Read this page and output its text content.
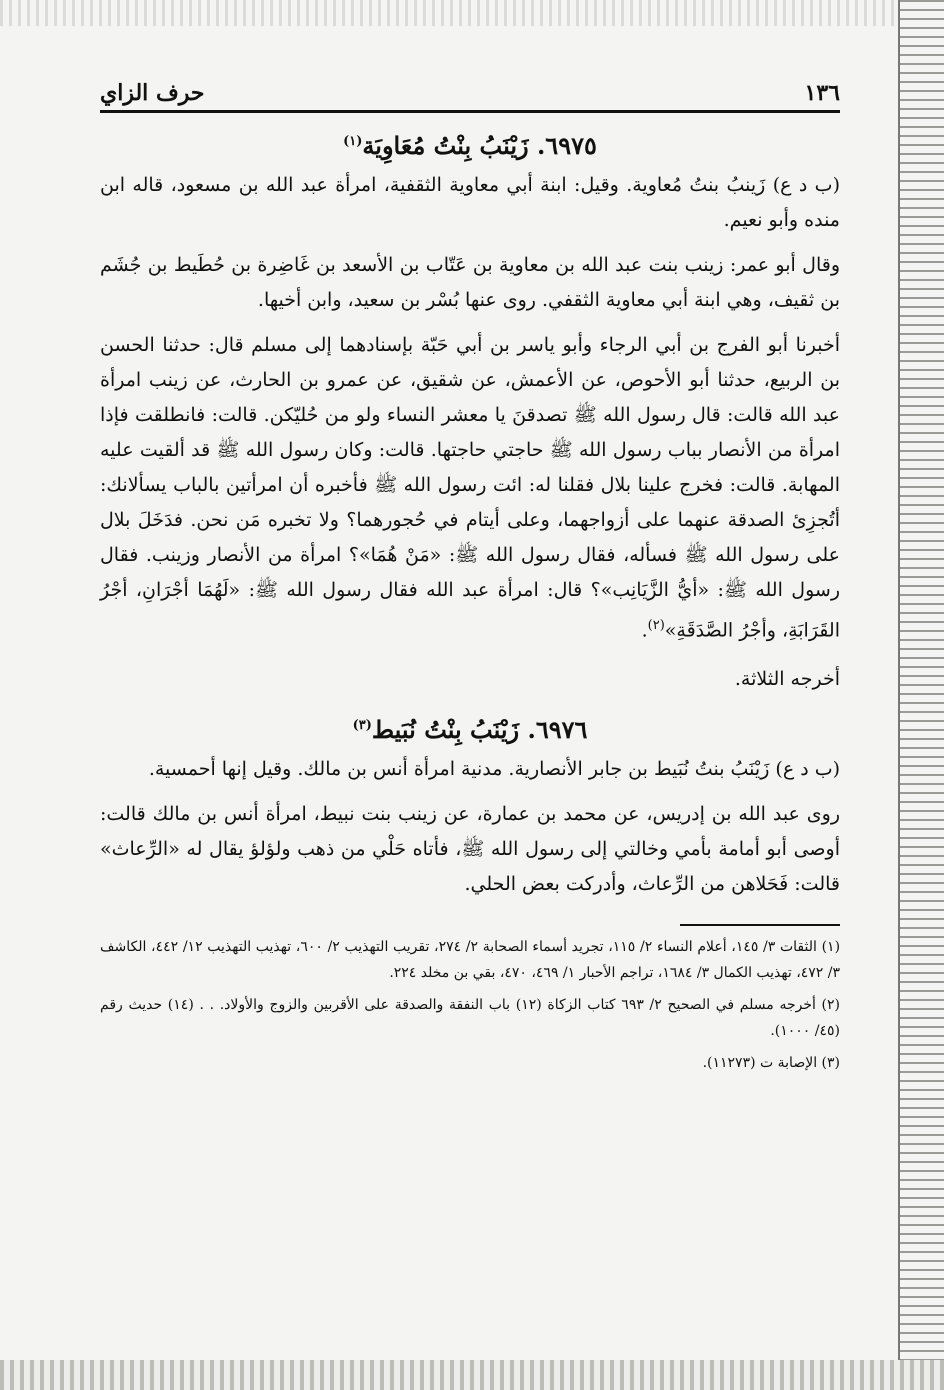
١٣٦
حرف الزاي
٦٩٧٥. زَيْنَبُ بِنْتُ مُعَاوِيَة$^{(١)}$

(ب د ع) زَينبُ بنتُ مُعاوية. وقيل: ابنة أبي معاوية الثقفية، امرأة عبد الله بن مسعود، قاله ابن منده وأبو نعيم.

وقال أبو عمر: زينب بنت عبد الله بن معاوية بن عَتّاب بن الأسعد بن غَاضِرة بن حُطَيط بن جُشَم بن ثقيف، وهي ابنة أبي معاوية الثقفي. روى عنها بُسْر بن سعيد، وابن أخيها.

أخبرنا أبو الفرج بن أبي الرجاء وأبو ياسر بن أبي حَبّة بإسنادهما إلى مسلم قال: حدثنا الحسن بن الربيع، حدثنا أبو الأحوص، عن الأعمش، عن شقيق، عن عمرو بن الحارث، عن زينب امرأة عبد الله قالت: قال رسول الله ﷺ تصدقنَ يا معشر النساء ولو من حُليّكن. قالت: فانطلقت فإذا امرأة من الأنصار بباب رسول الله ﷺ حاجتي حاجتها. قالت: وكان رسول الله ﷺ قد ألقيت عليه المهابة. قالت: فخرج علينا بلال فقلنا له: ائت رسول الله ﷺ فأخبره أن امرأتين بالباب يسألانك: أتُجزِئ الصدقة عنهما على أزواجهما، وعلى أيتام في حُجورهما؟ ولا تخبره مَن نحن. فدَخَلَ بلال على رسول الله ﷺ فسأله، فقال رسول الله ﷺ: «مَنْ هُمَا»؟ امرأة من الأنصار وزينب. فقال رسول الله ﷺ: «أيُّ الزَّيَانِب»؟ قال: امرأة عبد الله فقال رسول الله ﷺ: «لَهُمَا أجْرَانِ، أجْرُ القَرَابَةِ، وأجْرُ الصَّدَقَةِ»$^{(٢)}$.

أخرجه الثلاثة.

٦٩٧٦. زَيْنَبُ بِنْتُ نُبَيط$^{(٣)}$

(ب د ع) زَيْنَبُ بنتُ نُبَيط بن جابر الأنصارية. مدنية امرأة أنس بن مالك. وقيل إنها أحمسية.

روى عبد الله بن إدريس، عن محمد بن عمارة، عن زينب بنت نبيط، امرأة أنس بن مالك قالت: أوصى أبو أمامة بأمي وخالتي إلى رسول الله ﷺ، فأتاه حَلْي من ذهب ولؤلؤ يقال له «الرِّعاث» قالت: فَحَلاهن من الرِّعاث، وأدركت بعض الحلي.

(١) الثقات ٣/ ١٤٥، أعلام النساء ٢/ ١١٥، تجريد أسماء الصحابة ٢/ ٢٧٤، تقريب التهذيب ٢/ ٦٠٠، تهذيب التهذيب ١٢/ ٤٤٢، الكاشف ٣/ ٤٧٢، تهذيب الكمال ٣/ ١٦٨٤، تراجم الأحبار ١/ ٤٦٩، ٤٧٠، بقي بن مخلد ٢٢٤.
(٢) أخرجه مسلم في الصحيح ٢/ ٦٩٣ كتاب الزكاة (١٢) باب النفقة والصدقة على الأقربين والزوج والأولاد. . . (١٤) حديث رقم (٤٥/ ١٠٠٠).
(٣) الإصابة ت (١١٢٧٣).
